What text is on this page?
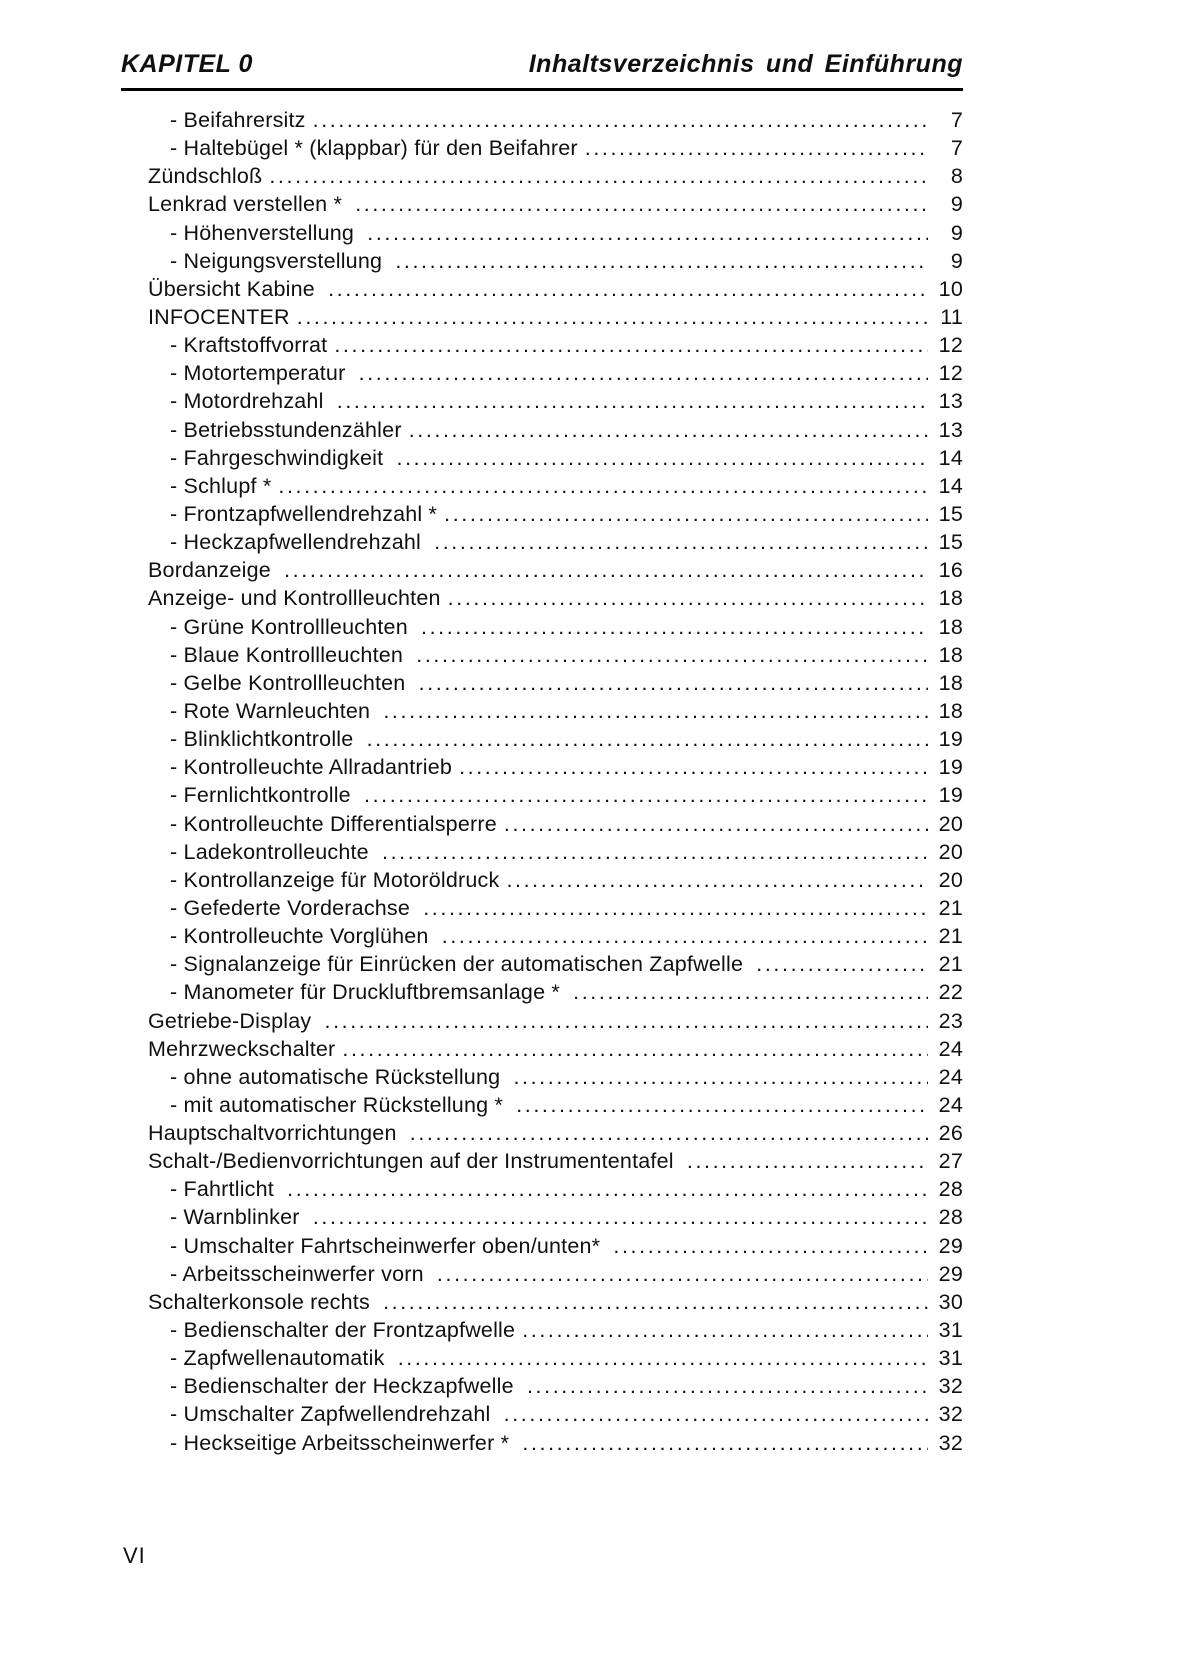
KAPITEL 0	Inhaltsverzeichnis und Einführung
- Beifahrersitz .....	7
- Haltebügel * (klappbar) für den Beifahrer .....	7
Zündschloß .....	8
Lenkrad verstellen * .....	9
- Höhenverstellung .....	9
- Neigungsverstellung .....	9
Übersicht Kabine .....	10
INFOCENTER .....	11
- Kraftstoffvorrat .....	12
- Motortemperatur .....	12
- Motordrehzahl .....	13
- Betriebsstundenzähler .....	13
- Fahrgeschwindigkeit .....	14
- Schlupf * .....	14
- Frontzapfwellendrehzahl * .....	15
- Heckzapfwellendrehzahl .....	15
Bordanzeige .....	16
Anzeige- und Kontrollleuchten .....	18
- Grüne Kontrollleuchten .....	18
- Blaue Kontrollleuchten .....	18
- Gelbe Kontrollleuchten .....	18
- Rote Warnleuchten .....	18
- Blinklichtkontrolle .....	19
- Kontrolleuchte Allradantrieb .....	19
- Fernlichtkontrolle .....	19
- Kontrolleuchte Differentialsperre .....	20
- Ladekontrolleuchte .....	20
- Kontrollanzeige für Motoröldruck .....	20
- Gefederte Vorderachse .....	21
- Kontrolleuchte Vorglühen .....	21
- Signalanzeige für Einrücken der automatischen Zapfwelle .....	21
- Manometer für Druckluftbremsanlage * .....	22
Getriebe-Display .....	23
Mehrzweckschalter .....	24
- ohne automatische Rückstellung .....	24
- mit automatischer Rückstellung * .....	24
Hauptschaltvorrichtungen .....	26
Schalt-/Bedienvorrichtungen auf der Instrumententafel .....	27
- Fahrtlicht .....	28
- Warnblinker .....	28
- Umschalter Fahrtscheinwerfer oben/unten* .....	29
- Arbeitsscheinwerfer vorn .....	29
Schalterkonsole rechts .....	30
- Bedienschalter der Frontzapfwelle .....	31
- Zapfwellenautomatik .....	31
- Bedienschalter der Heckzapfwelle .....	32
- Umschalter Zapfwellendrehzahl .....	32
- Heckseitige Arbeitsscheinwerfer * .....	32
VI
